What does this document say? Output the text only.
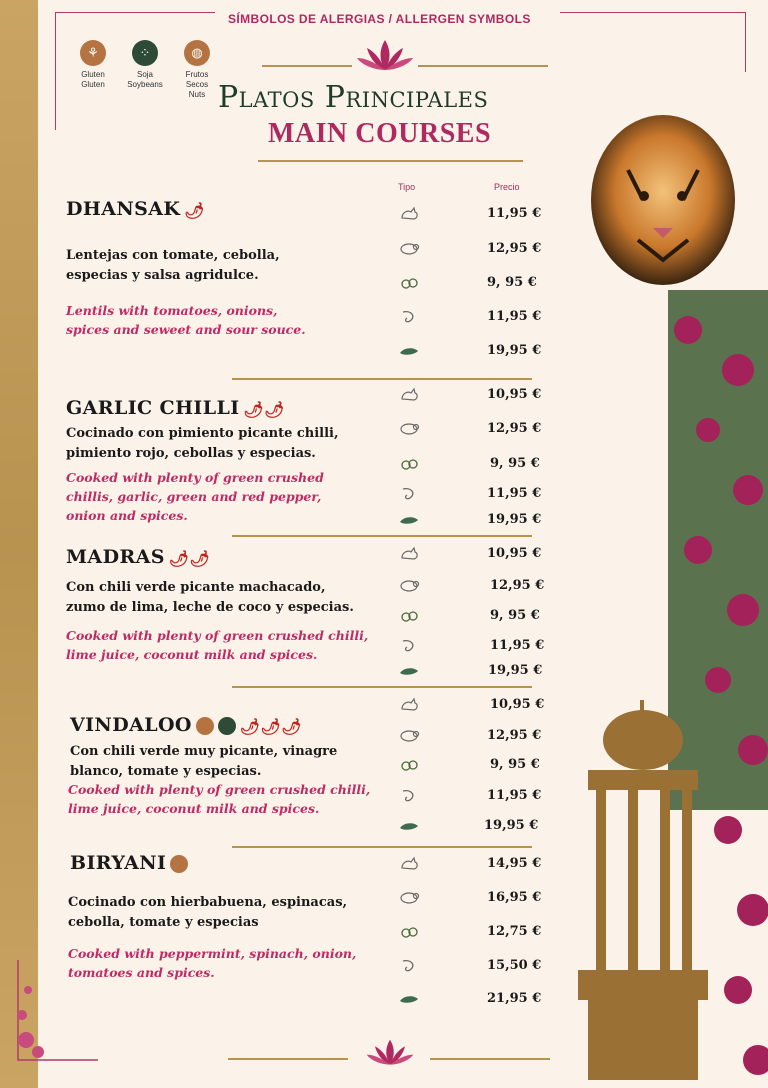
SÍMBOLOS DE ALERGIAS / ALLERGEN SYMBOLS
⚘
Gluten
Gluten
⁘
Soja
Soybeans
◍
Frutos Secos
Nuts Platos Principales
MAIN COURSES
Tipo	Precio
DHANSAK 🌶
Lentejas con tomate, cebolla,
especias y salsa agridulce.
Lentils with tomatoes, onions,
spices and seweet and sour souce.
11,95 €
12,95 €
9, 95 €
11,95 €
19,95 €
GARLIC CHILLI 🌶🌶
Cocinado con pimiento picante chilli,
pimiento rojo, cebollas y especias.
Cooked with plenty of green crushed
chillis, garlic, green and red pepper,
onion and spices.
10,95 €
12,95 €
9, 95 €
11,95 €
19,95 €
MADRAS 🌶🌶
Con chili verde picante machacado,
zumo de lima, leche de coco y especias.
Cooked with plenty of green crushed chilli,
lime juice, coconut milk and spices.
10,95 €
12,95 €
9, 95 €
11,95 €
19,95 €
VINDALOO	🌶🌶🌶
Con chili verde muy picante, vinagre
blanco, tomate y especias.
Cooked with plenty of green crushed chilli,
lime juice, coconut milk and spices.
10,95 €
12,95 €
9, 95 €
11,95 €
19,95 €
BIRYANI
Cocinado con hierbabuena, espinacas,
cebolla, tomate y especias
Cooked with peppermint, spinach, onion,
tomatoes and spices.
14,95 €
16,95 €
12,75 €
15,50 €
21,95 €
